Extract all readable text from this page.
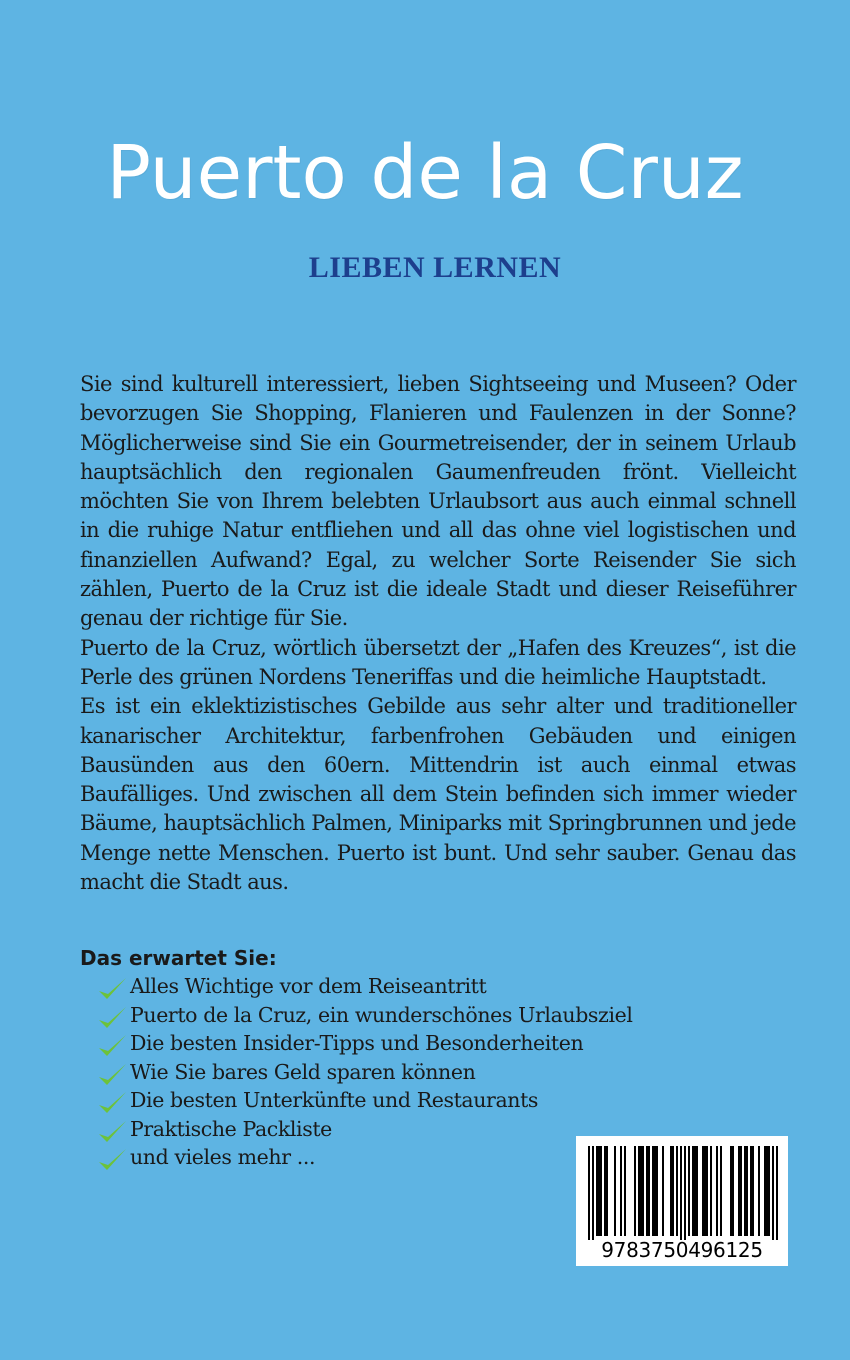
Puerto de la Cruz
LIEBEN LERNEN

Sie sind kulturell interessiert, lieben Sightseeing und Museen? Oder bevorzugen Sie Shopping, Flanieren und Faulenzen in der Sonne? Möglicherweise sind Sie ein Gourmetreisender, der in seinem Urlaub hauptsächlich den regionalen Gaumenfreuden frönt. Vielleicht möchten Sie von Ihrem belebten Urlaubsort aus auch einmal schnell in die ruhige Natur entfliehen und all das ohne viel logistischen und finanziellen Aufwand? Egal, zu welcher Sorte Reisender Sie sich zählen, Puerto de la Cruz ist die ideale Stadt und dieser Reiseführer genau der richtige für Sie.

Puerto de la Cruz, wörtlich übersetzt der „Hafen des Kreuzes“, ist die Perle des grünen Nordens Teneriffas und die heimliche Hauptstadt.

Es ist ein eklektizistisches Gebilde aus sehr alter und traditioneller kanarischer Architektur, farbenfrohen Gebäuden und einigen Bausünden aus den 60ern. Mittendrin ist auch einmal etwas Baufälliges. Und zwischen all dem Stein befinden sich immer wieder Bäume, hauptsächlich Palmen, Miniparks mit Springbrunnen und jede Menge nette Menschen. Puerto ist bunt. Und sehr sauber. Genau das macht die Stadt aus.

Das erwartet Sie:
Alles Wichtige vor dem Reiseantritt
Puerto de la Cruz, ein wunderschönes Urlaubsziel
Die besten Insider-Tipps und Besonderheiten
Wie Sie bares Geld sparen können
Die besten Unterkünfte und Restaurants
Praktische Packliste
und vieles mehr ...
9783750496125
